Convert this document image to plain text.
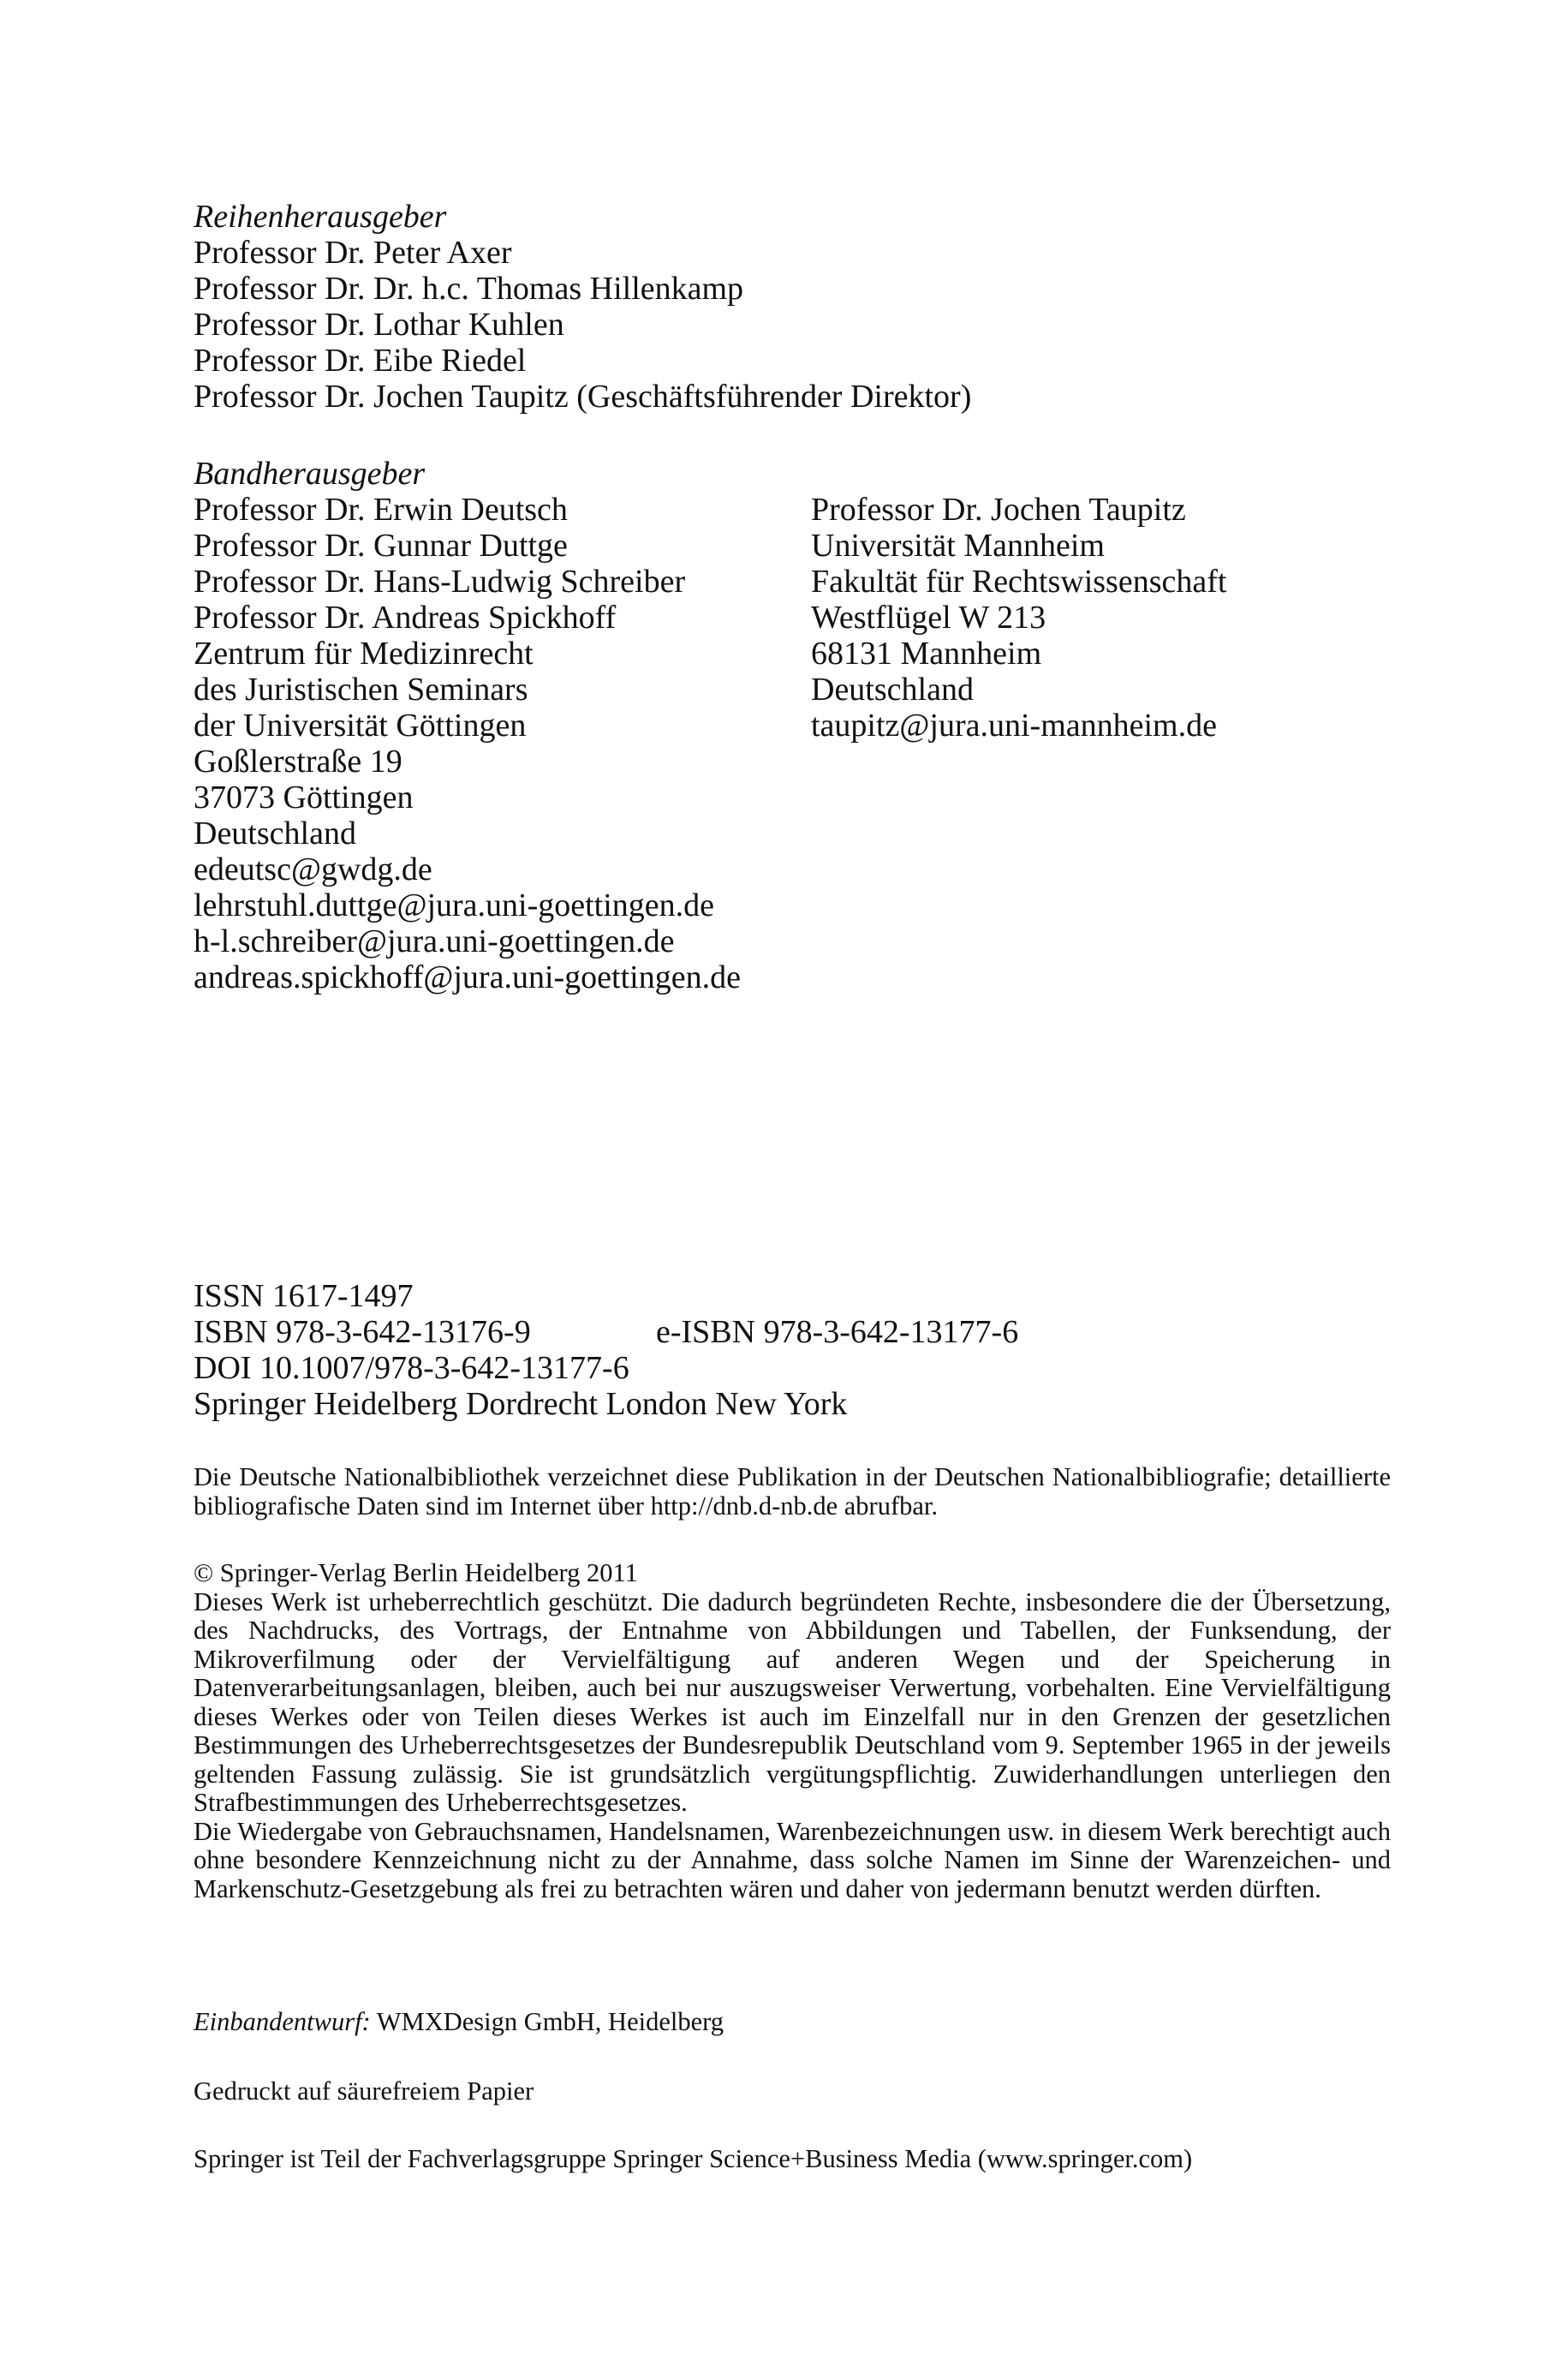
Reihenherausgeber
Professor Dr. Peter Axer
Professor Dr. Dr. h.c. Thomas Hillenkamp
Professor Dr. Lothar Kuhlen
Professor Dr. Eibe Riedel
Professor Dr. Jochen Taupitz (Geschäftsführender Direktor)
Bandherausgeber
Professor Dr. Erwin Deutsch
Professor Dr. Gunnar Duttge
Professor Dr. Hans-Ludwig Schreiber
Professor Dr. Andreas Spickhoff
Zentrum für Medizinrecht
des Juristischen Seminars
der Universität Göttingen
Goßlerstraße 19
37073 Göttingen
Deutschland
edeutsc@gwdg.de
lehrstuhl.duttge@jura.uni-goettingen.de
h-l.schreiber@jura.uni-goettingen.de
andreas.spickhoff@jura.uni-goettingen.de
Professor Dr. Jochen Taupitz
Universität Mannheim
Fakultät für Rechtswissenschaft
Westflügel W 213
68131 Mannheim
Deutschland
taupitz@jura.uni-mannheim.de
ISSN 1617-1497
ISBN 978-3-642-13176-9	e-ISBN 978-3-642-13177-6
DOI 10.1007/978-3-642-13177-6
Springer Heidelberg Dordrecht London New York
Die Deutsche Nationalbibliothek verzeichnet diese Publikation in der Deutschen Nationalbibliografie; detaillierte bibliografische Daten sind im Internet über http://dnb.d-nb.de abrufbar.

© Springer-Verlag Berlin Heidelberg 2011

Dieses Werk ist urheberrechtlich geschützt. Die dadurch begründeten Rechte, insbesondere die der Übersetzung, des Nachdrucks, des Vortrags, der Entnahme von Abbildungen und Tabellen, der Funksendung, der Mikroverfilmung oder der Vervielfältigung auf anderen Wegen und der Speicherung in Datenverarbeitungsanlagen, bleiben, auch bei nur auszugsweiser Verwertung, vorbehalten. Eine Vervielfältigung dieses Werkes oder von Teilen dieses Werkes ist auch im Einzelfall nur in den Grenzen der gesetzlichen Bestimmungen des Urheberrechtsgesetzes der Bundesrepublik Deutschland vom 9. September 1965 in der jeweils geltenden Fassung zulässig. Sie ist grundsätzlich vergütungspflichtig. Zuwiderhandlungen unterliegen den Strafbestimmungen des Urheberrechtsgesetzes.

Die Wiedergabe von Gebrauchsnamen, Handelsnamen, Warenbezeichnungen usw. in diesem Werk berechtigt auch ohne besondere Kennzeichnung nicht zu der Annahme, dass solche Namen im Sinne der Warenzeichen- und Markenschutz-Gesetzgebung als frei zu betrachten wären und daher von jedermann benutzt werden dürften.

Einbandentwurf: WMXDesign GmbH, Heidelberg
Gedruckt auf säurefreiem Papier
Springer ist Teil der Fachverlagsgruppe Springer Science+Business Media (www.springer.com)
